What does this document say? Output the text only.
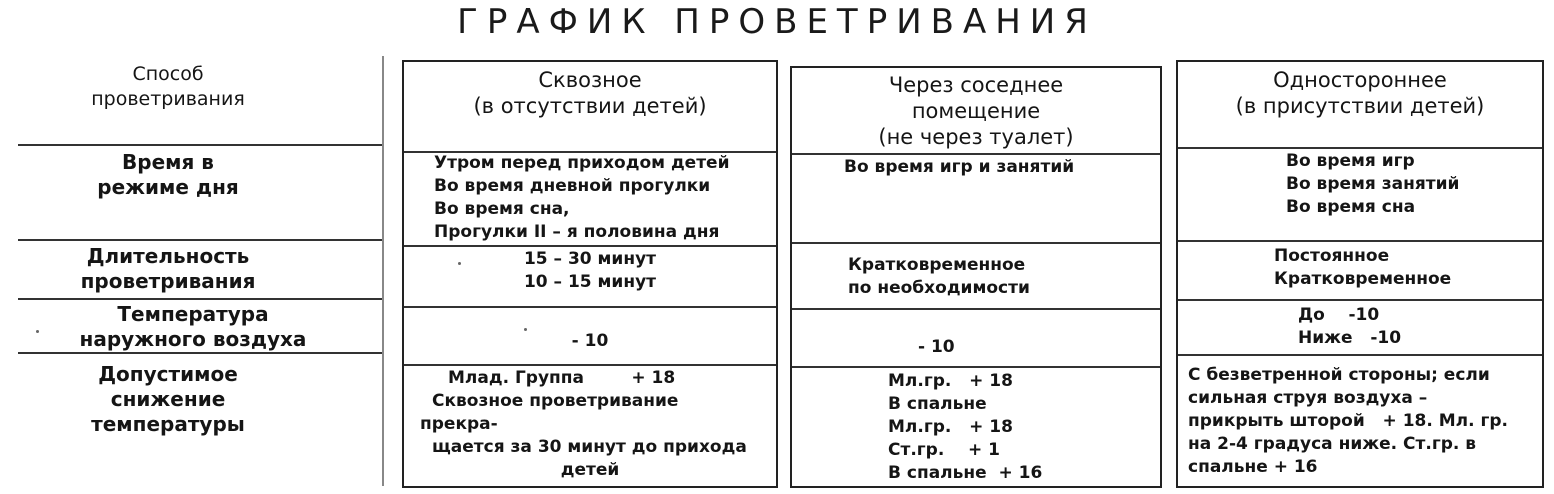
ГРАФИК ПРОВЕТРИВАНИЯ
Способ
проветривания
Время в
режиме дня
Длительность
проветривания
Температура
наружного воздуха
Допустимое
снижение
температуры
Сквозное
(в отсутствии детей)
Утром перед приходом детей
Во время дневной прогулки
Во время сна,
Прогулки II – я половина дня
15 – 30 минут
10 – 15 минут
- 10
Млад. Группа        + 18
Сквозное проветривание
прекра-
щается за 30 минут до прихода
детей
Через соседнее
помещение
(не через туалет)
Во время игр и занятий
Кратковременное
по необходимости
- 10
Мл.гр.   + 18
В спальне
Мл.гр.   + 18
Ст.гр.    + 1
В спальне  + 16
Одностороннее
(в присутствии детей)
Во время игр
Во время занятий
Во время сна
Постоянное
Кратковременное
До    -10
Ниже   -10
С безветренной стороны; если
сильная струя воздуха –
прикрыть шторой   + 18. Мл. гр.
на 2-4 градуса ниже. Ст.гр. в
спальне + 16
